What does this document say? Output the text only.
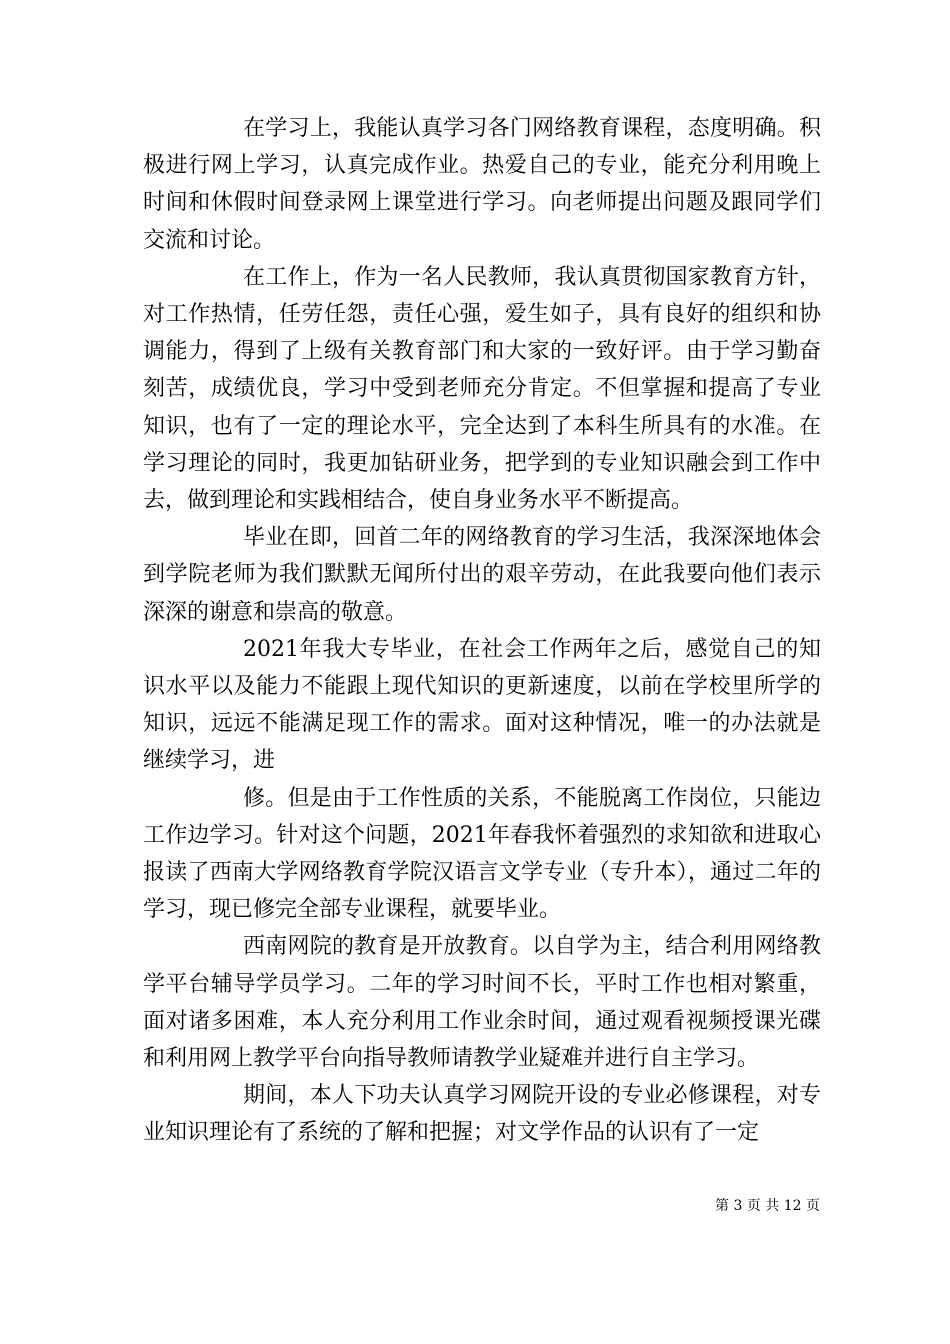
在学习上，我能认真学习各门网络教育课程，态度明确。积极进行网上学习，认真完成作业。热爱自己的专业，能充分利用晚上时间和休假时间登录网上课堂进行学习。向老师提出问题及跟同学们交流和讨论。

在工作上，作为一名人民教师，我认真贯彻国家教育方针，对工作热情，任劳任怨，责任心强，爱生如子，具有良好的组织和协调能力，得到了上级有关教育部门和大家的一致好评。由于学习勤奋刻苦，成绩优良，学习中受到老师充分肯定。不但掌握和提高了专业知识，也有了一定的理论水平，完全达到了本科生所具有的水准。在学习理论的同时，我更加钻研业务，把学到的专业知识融会到工作中去，做到理论和实践相结合，使自身业务水平不断提高。

毕业在即，回首二年的网络教育的学习生活，我深深地体会到学院老师为我们默默无闻所付出的艰辛劳动，在此我要向他们表示深深的谢意和崇高的敬意。

2021年我大专毕业，在社会工作两年之后，感觉自己的知识水平以及能力不能跟上现代知识的更新速度，以前在学校里所学的知识，远远不能满足现工作的需求。面对这种情况，唯一的办法就是继续学习，进

修。但是由于工作性质的关系，不能脱离工作岗位，只能边工作边学习。针对这个问题，2021年春我怀着强烈的求知欲和进取心报读了西南大学网络教育学院汉语言文学专业（专升本），通过二年的学习，现已修完全部专业课程，就要毕业。

西南网院的教育是开放教育。以自学为主，结合利用网络教学平台辅导学员学习。二年的学习时间不长，平时工作也相对繁重，面对诸多困难，本人充分利用工作业余时间，通过观看视频授课光碟和利用网上教学平台向指导教师请教学业疑难并进行自主学习。

期间，本人下功夫认真学习网院开设的专业必修课程，对专业知识理论有了系统的了解和把握；对文学作品的认识有了一定

第 3 页 共 12 页
